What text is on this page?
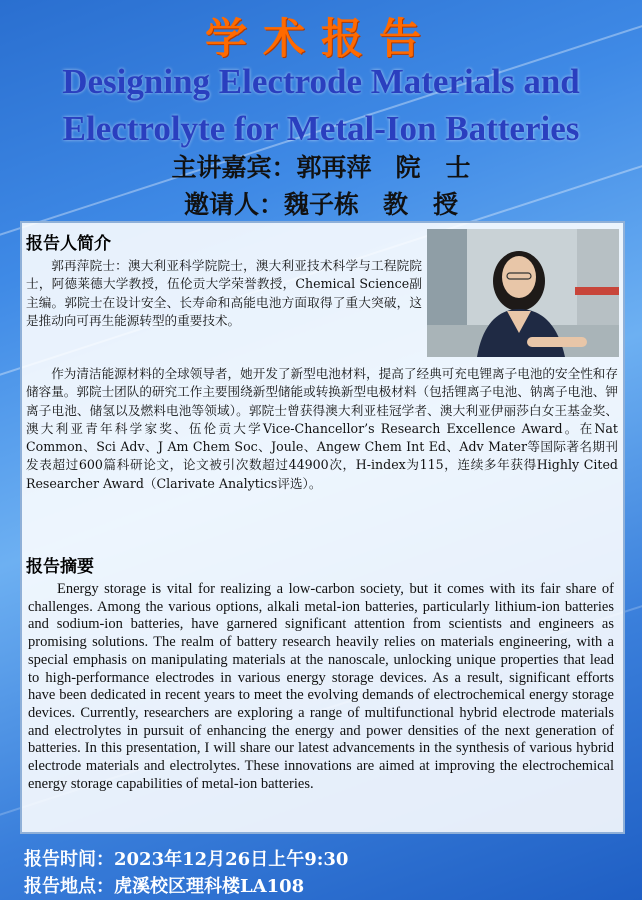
学术报告
Designing Electrode Materials and Electrolyte for Metal-Ion Batteries
主讲嘉宾：郭再萍 院　士
邀请人：魏子栋 教　授
报告人简介

郭再萍院士：澳大利亚科学院院士，澳大利亚技术科学与工程院院士，阿德莱德大学教授，伍伦贡大学荣誉教授，Chemical Science副主编。郭院士在设计安全、长寿命和高能电池方面取得了重大突破，这是推动向可再生能源转型的重要技术。

作为清洁能源材料的全球领导者，她开发了新型电池材料，提高了经典可充电锂离子电池的安全性和存储容量。郭院士团队的研究工作主要围绕新型储能或转换新型电极材料（包括锂离子电池、钠离子电池、钾离子电池、储氢以及燃料电池等领域）。郭院士曾获得澳大利亚桂冠学者、澳大利亚伊丽莎白女王基金奖、澳大利亚青年科学家奖、伍伦贡大学Vice-Chancellor’s Research Excellence Award。在Nat Common、Sci Adv、J Am Chem Soc、Joule、Angew Chem Int Ed、Adv Mater等国际著名期刊发表超过600篇科研论文，论文被引次数超过44900次，H-index为115，连续多年获得Highly Cited Researcher Award（Clarivate Analytics评选）。

报告摘要

Energy storage is vital for realizing a low-carbon society, but it comes with its fair share of challenges. Among the various options, alkali metal-ion batteries, particularly lithium-ion batteries and sodium-ion batteries, have garnered significant attention from scientists and engineers as promising solutions. The realm of battery research heavily relies on materials engineering, with a special emphasis on manipulating materials at the nanoscale, unlocking unique properties that lead to high-performance electrodes in various energy storage devices. As a result, significant efforts have been dedicated in recent years to meet the evolving demands of electrochemical energy storage devices. Currently, researchers are exploring a range of multifunctional hybrid electrode materials and electrolytes in pursuit of enhancing the energy and power densities of the next generation of batteries. In this presentation, I will share our latest advancements in the synthesis of various hybrid electrode materials and electrolytes. These innovations are aimed at improving the electrochemical energy storage capabilities of metal-ion batteries.

报告时间：2023年12月26日上午9:30
报告地点：虎溪校区理科楼LA108
